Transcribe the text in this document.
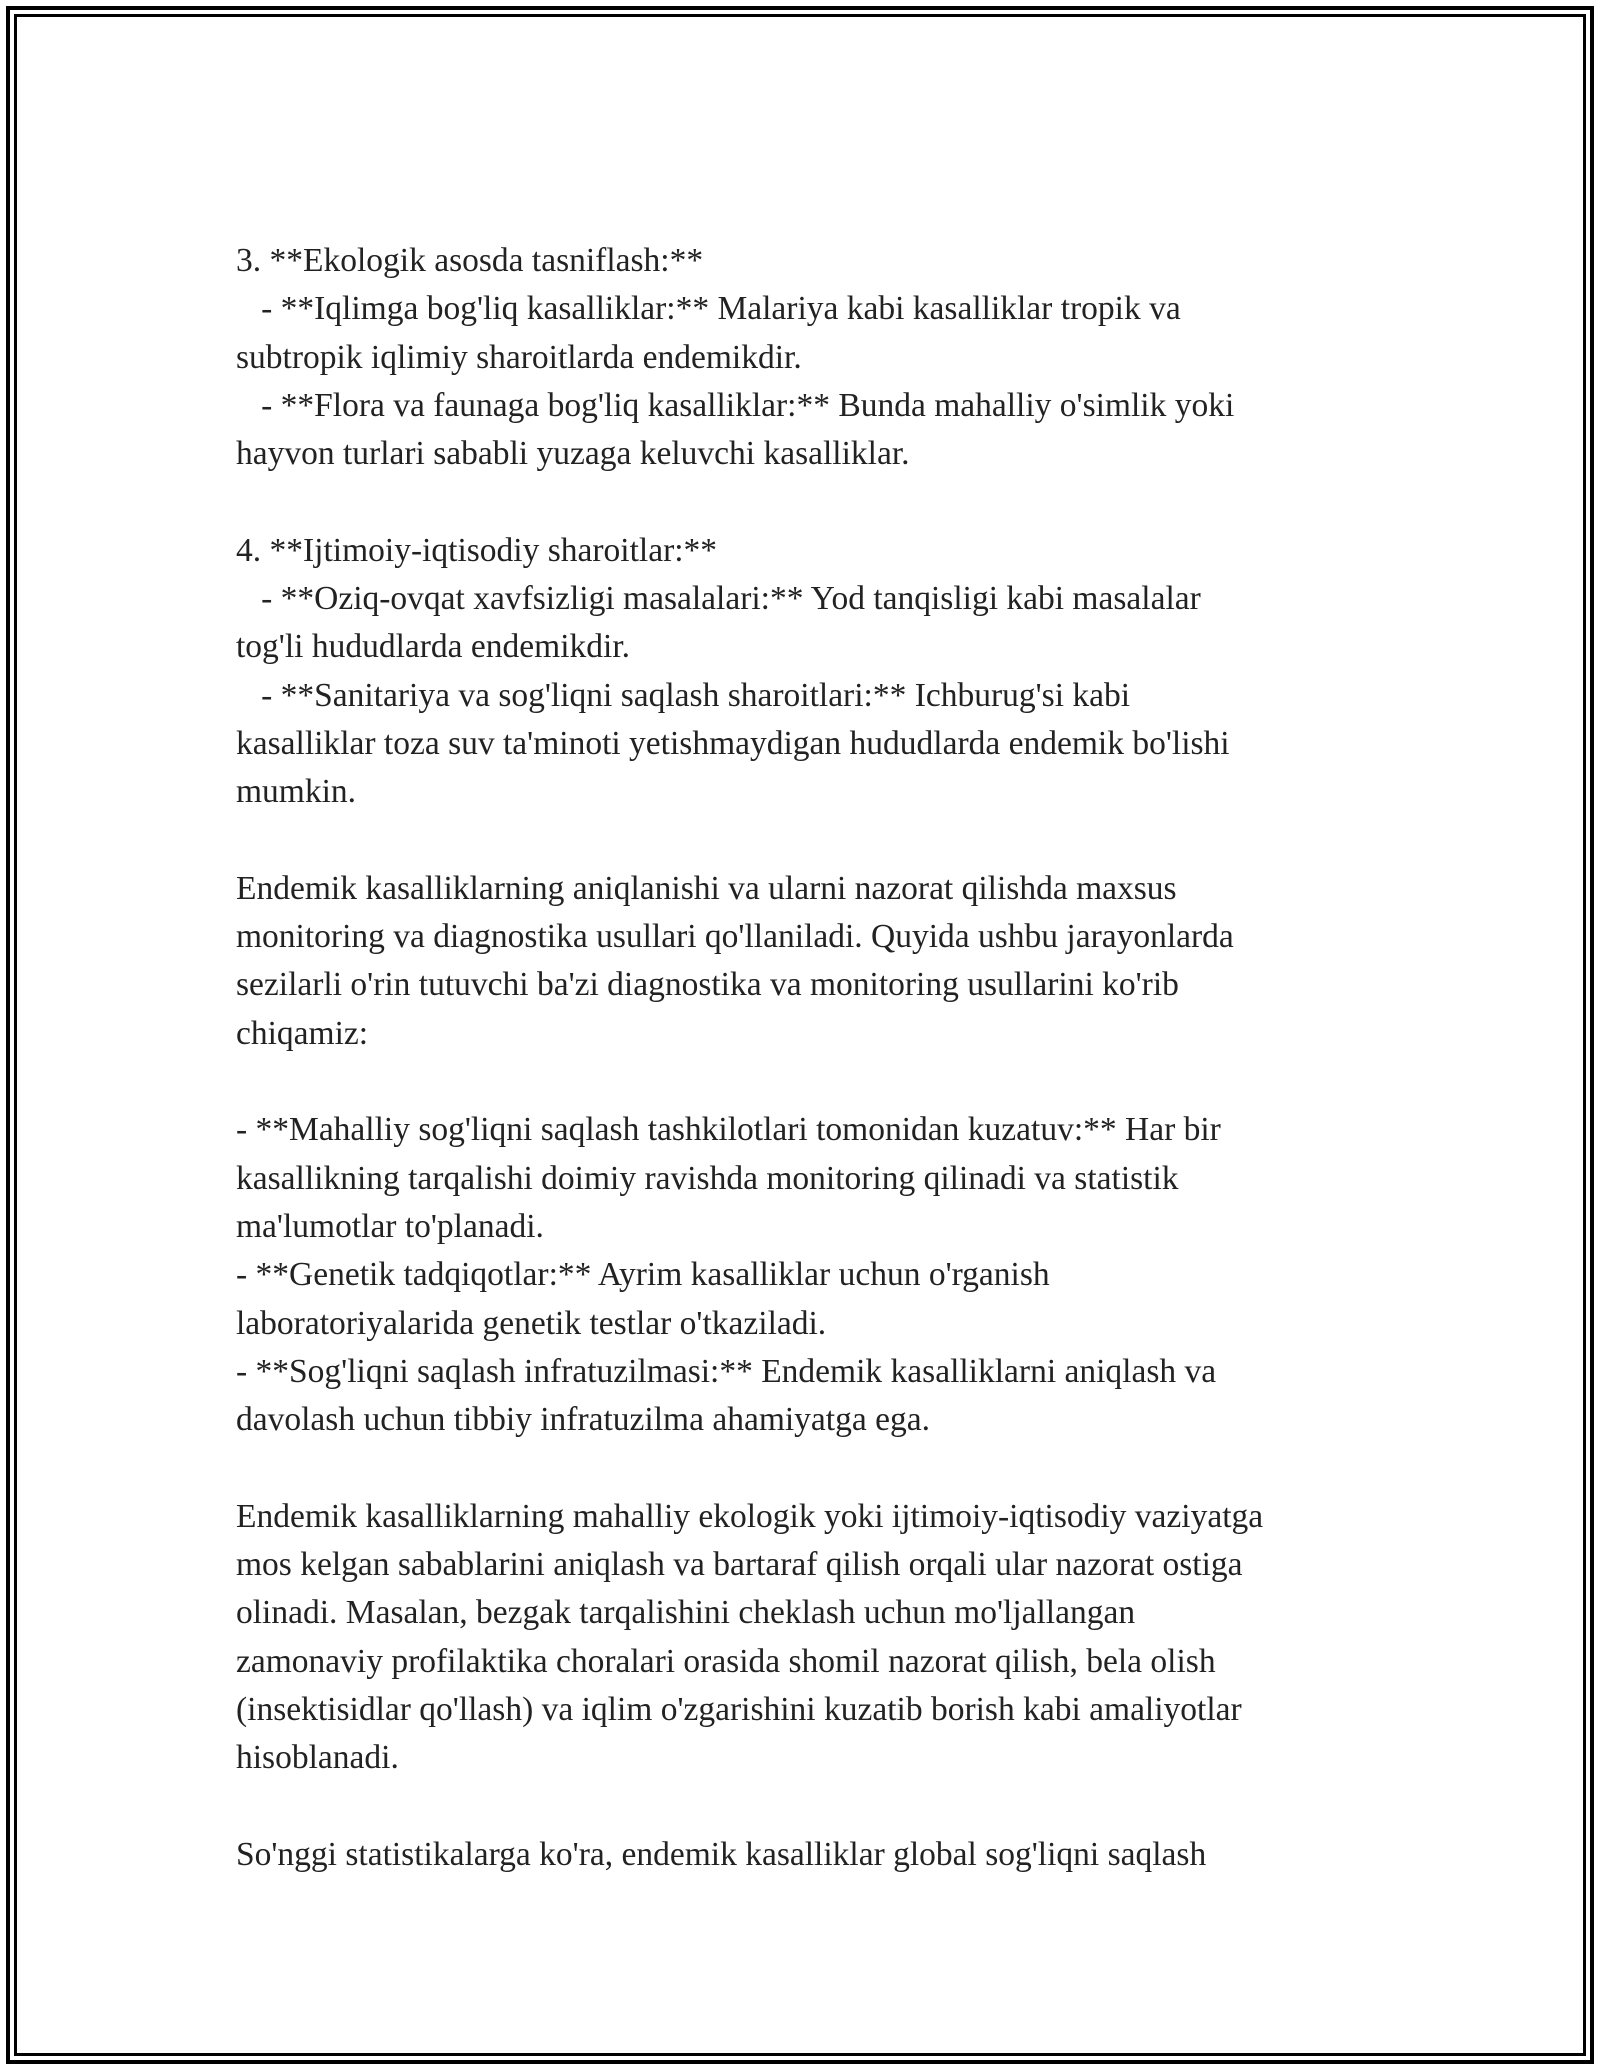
3. **Ekologik asosda tasniflash:**
- **Iqlimga bog'liq kasalliklar:** Malariya kabi kasalliklar tropik va
subtropik iqlimiy sharoitlarda endemikdir.
- **Flora va faunaga bog'liq kasalliklar:** Bunda mahalliy o'simlik yoki
hayvon turlari sababli yuzaga keluvchi kasalliklar.
4. **Ijtimoiy-iqtisodiy sharoitlar:**
- **Oziq-ovqat xavfsizligi masalalari:** Yod tanqisligi kabi masalalar
tog'li hududlarda endemikdir.
- **Sanitariya va sog'liqni saqlash sharoitlari:** Ichburug'si kabi
kasalliklar toza suv ta'minoti yetishmaydigan hududlarda endemik bo'lishi
mumkin.
Endemik kasalliklarning aniqlanishi va ularni nazorat qilishda maxsus
monitoring va diagnostika usullari qo'llaniladi. Quyida ushbu jarayonlarda
sezilarli o'rin tutuvchi ba'zi diagnostika va monitoring usullarini ko'rib
chiqamiz:
- **Mahalliy sog'liqni saqlash tashkilotlari tomonidan kuzatuv:** Har bir
kasallikning tarqalishi doimiy ravishda monitoring qilinadi va statistik
ma'lumotlar to'planadi.
- **Genetik tadqiqotlar:** Ayrim kasalliklar uchun o'rganish
laboratoriyalarida genetik testlar o'tkaziladi.
- **Sog'liqni saqlash infratuzilmasi:** Endemik kasalliklarni aniqlash va
davolash uchun tibbiy infratuzilma ahamiyatga ega.
Endemik kasalliklarning mahalliy ekologik yoki ijtimoiy-iqtisodiy vaziyatga
mos kelgan sabablarini aniqlash va bartaraf qilish orqali ular nazorat ostiga
olinadi. Masalan, bezgak tarqalishini cheklash uchun mo'ljallangan
zamonaviy profilaktika choralari orasida shomil nazorat qilish, bela olish
(insektisidlar qo'llash) va iqlim o'zgarishini kuzatib borish kabi amaliyotlar
hisoblanadi.
So'nggi statistikalarga ko'ra, endemik kasalliklar global sog'liqni saqlash
